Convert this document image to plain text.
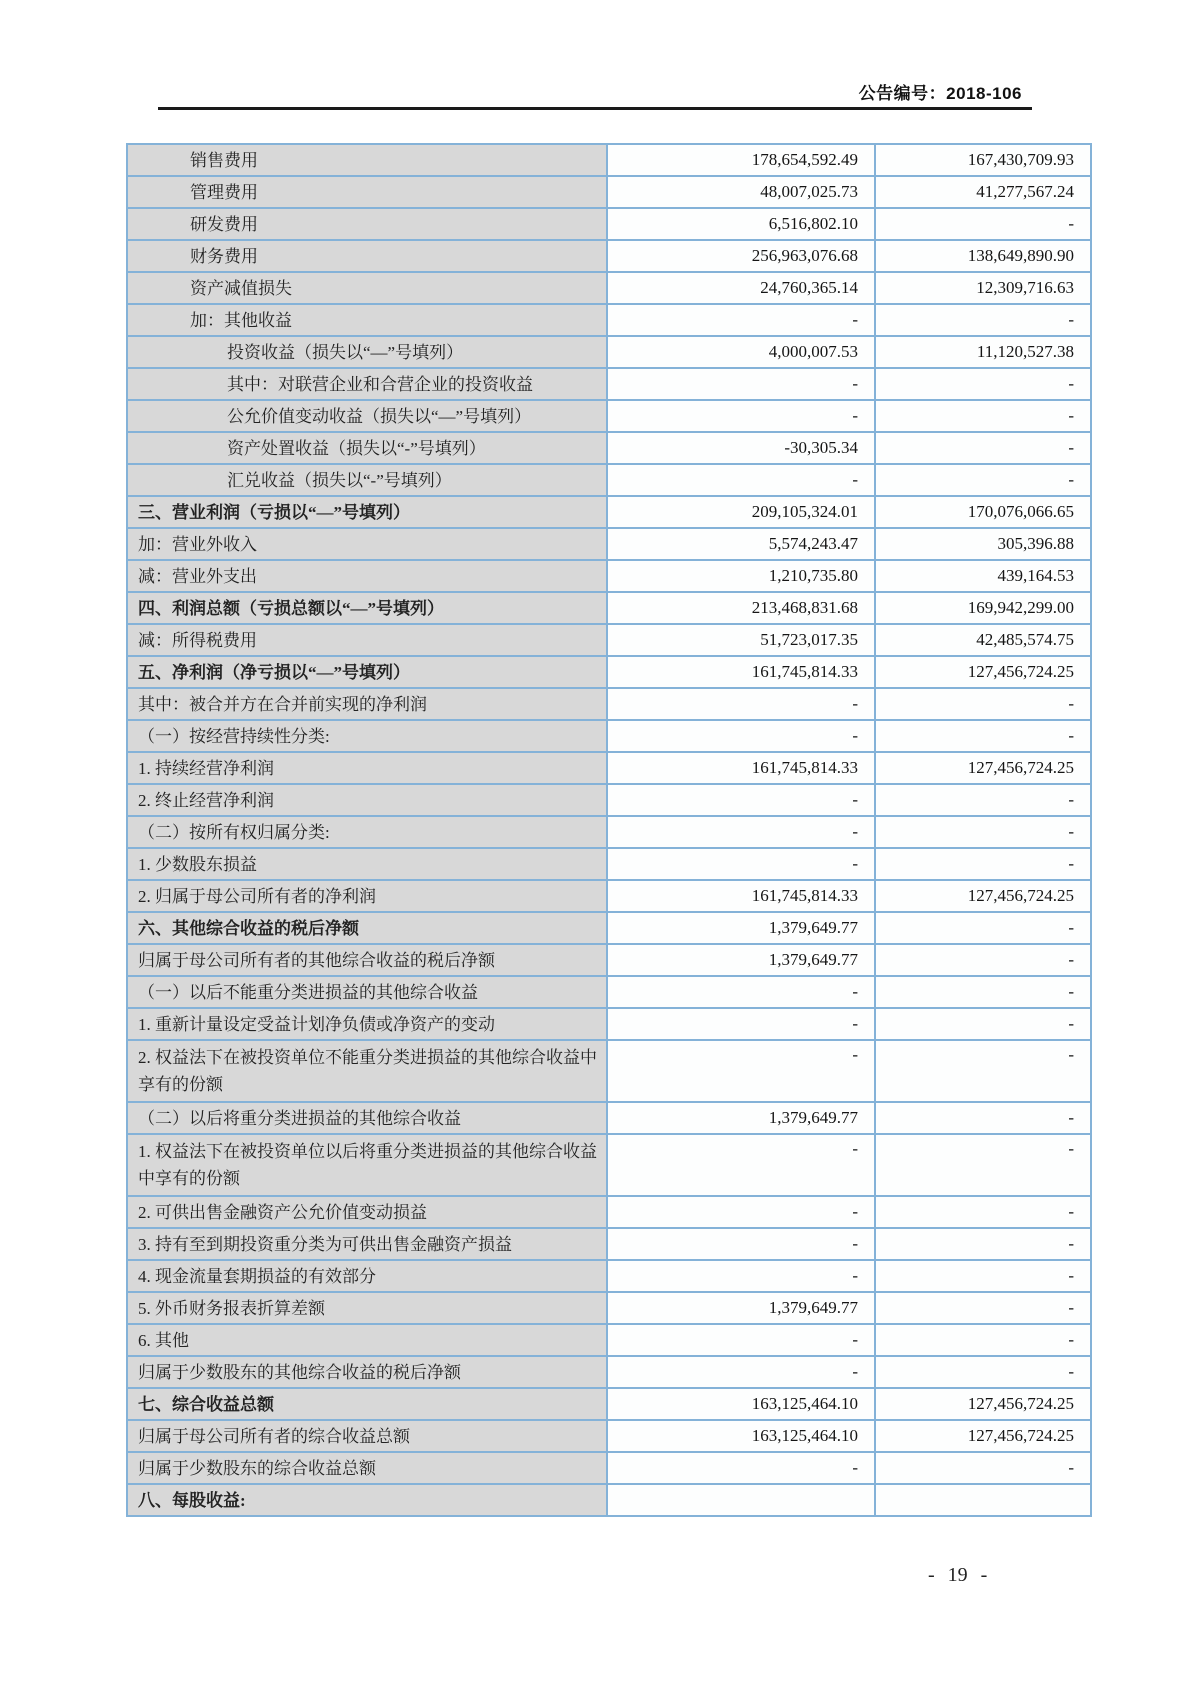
公告编号：2018-106
销售费用	178,654,592.49	167,430,709.93
管理费用	48,007,025.73	41,277,567.24
研发费用	6,516,802.10	-
财务费用	256,963,076.68	138,649,890.90
资产减值损失	24,760,365.14	12,309,716.63
加：其他收益	-	-
投资收益（损失以“—”号填列）	4,000,007.53	11,120,527.38
其中：对联营企业和合营企业的投资收益	-	-
公允价值变动收益（损失以“—”号填列）	-	-
资产处置收益（损失以“-”号填列）	-30,305.34	-
汇兑收益（损失以“-”号填列）	-	-
三、营业利润（亏损以“—”号填列）	209,105,324.01	170,076,066.65
加：营业外收入	5,574,243.47	305,396.88
减：营业外支出	1,210,735.80	439,164.53
四、利润总额（亏损总额以“—”号填列）	213,468,831.68	169,942,299.00
减：所得税费用	51,723,017.35	42,485,574.75
五、净利润（净亏损以“—”号填列）	161,745,814.33	127,456,724.25
其中：被合并方在合并前实现的净利润	-	-
（一）按经营持续性分类:	-	-
1. 持续经营净利润	161,745,814.33	127,456,724.25
2. 终止经营净利润	-	-
（二）按所有权归属分类:	-	-
1. 少数股东损益	-	-
2. 归属于母公司所有者的净利润	161,745,814.33	127,456,724.25
六、其他综合收益的税后净额	1,379,649.77	-
归属于母公司所有者的其他综合收益的税后净额	1,379,649.77	-
（一）以后不能重分类进损益的其他综合收益	-	-
1. 重新计量设定受益计划净负债或净资产的变动	-	-
2. 权益法下在被投资单位不能重分类进损益的其他综合收益中享有的份额
-	-
（二）以后将重分类进损益的其他综合收益	1,379,649.77	-
1. 权益法下在被投资单位以后将重分类进损益的其他综合收益中享有的份额
-	-
2. 可供出售金融资产公允价值变动损益	-	-
3. 持有至到期投资重分类为可供出售金融资产损益	-	-
4. 现金流量套期损益的有效部分	-	-
5. 外币财务报表折算差额	1,379,649.77	-
6. 其他	-	-
归属于少数股东的其他综合收益的税后净额	-	-
七、综合收益总额	163,125,464.10	127,456,724.25
归属于母公司所有者的综合收益总额	163,125,464.10	127,456,724.25
归属于少数股东的综合收益总额	-	-
八、每股收益:
- 19 -
